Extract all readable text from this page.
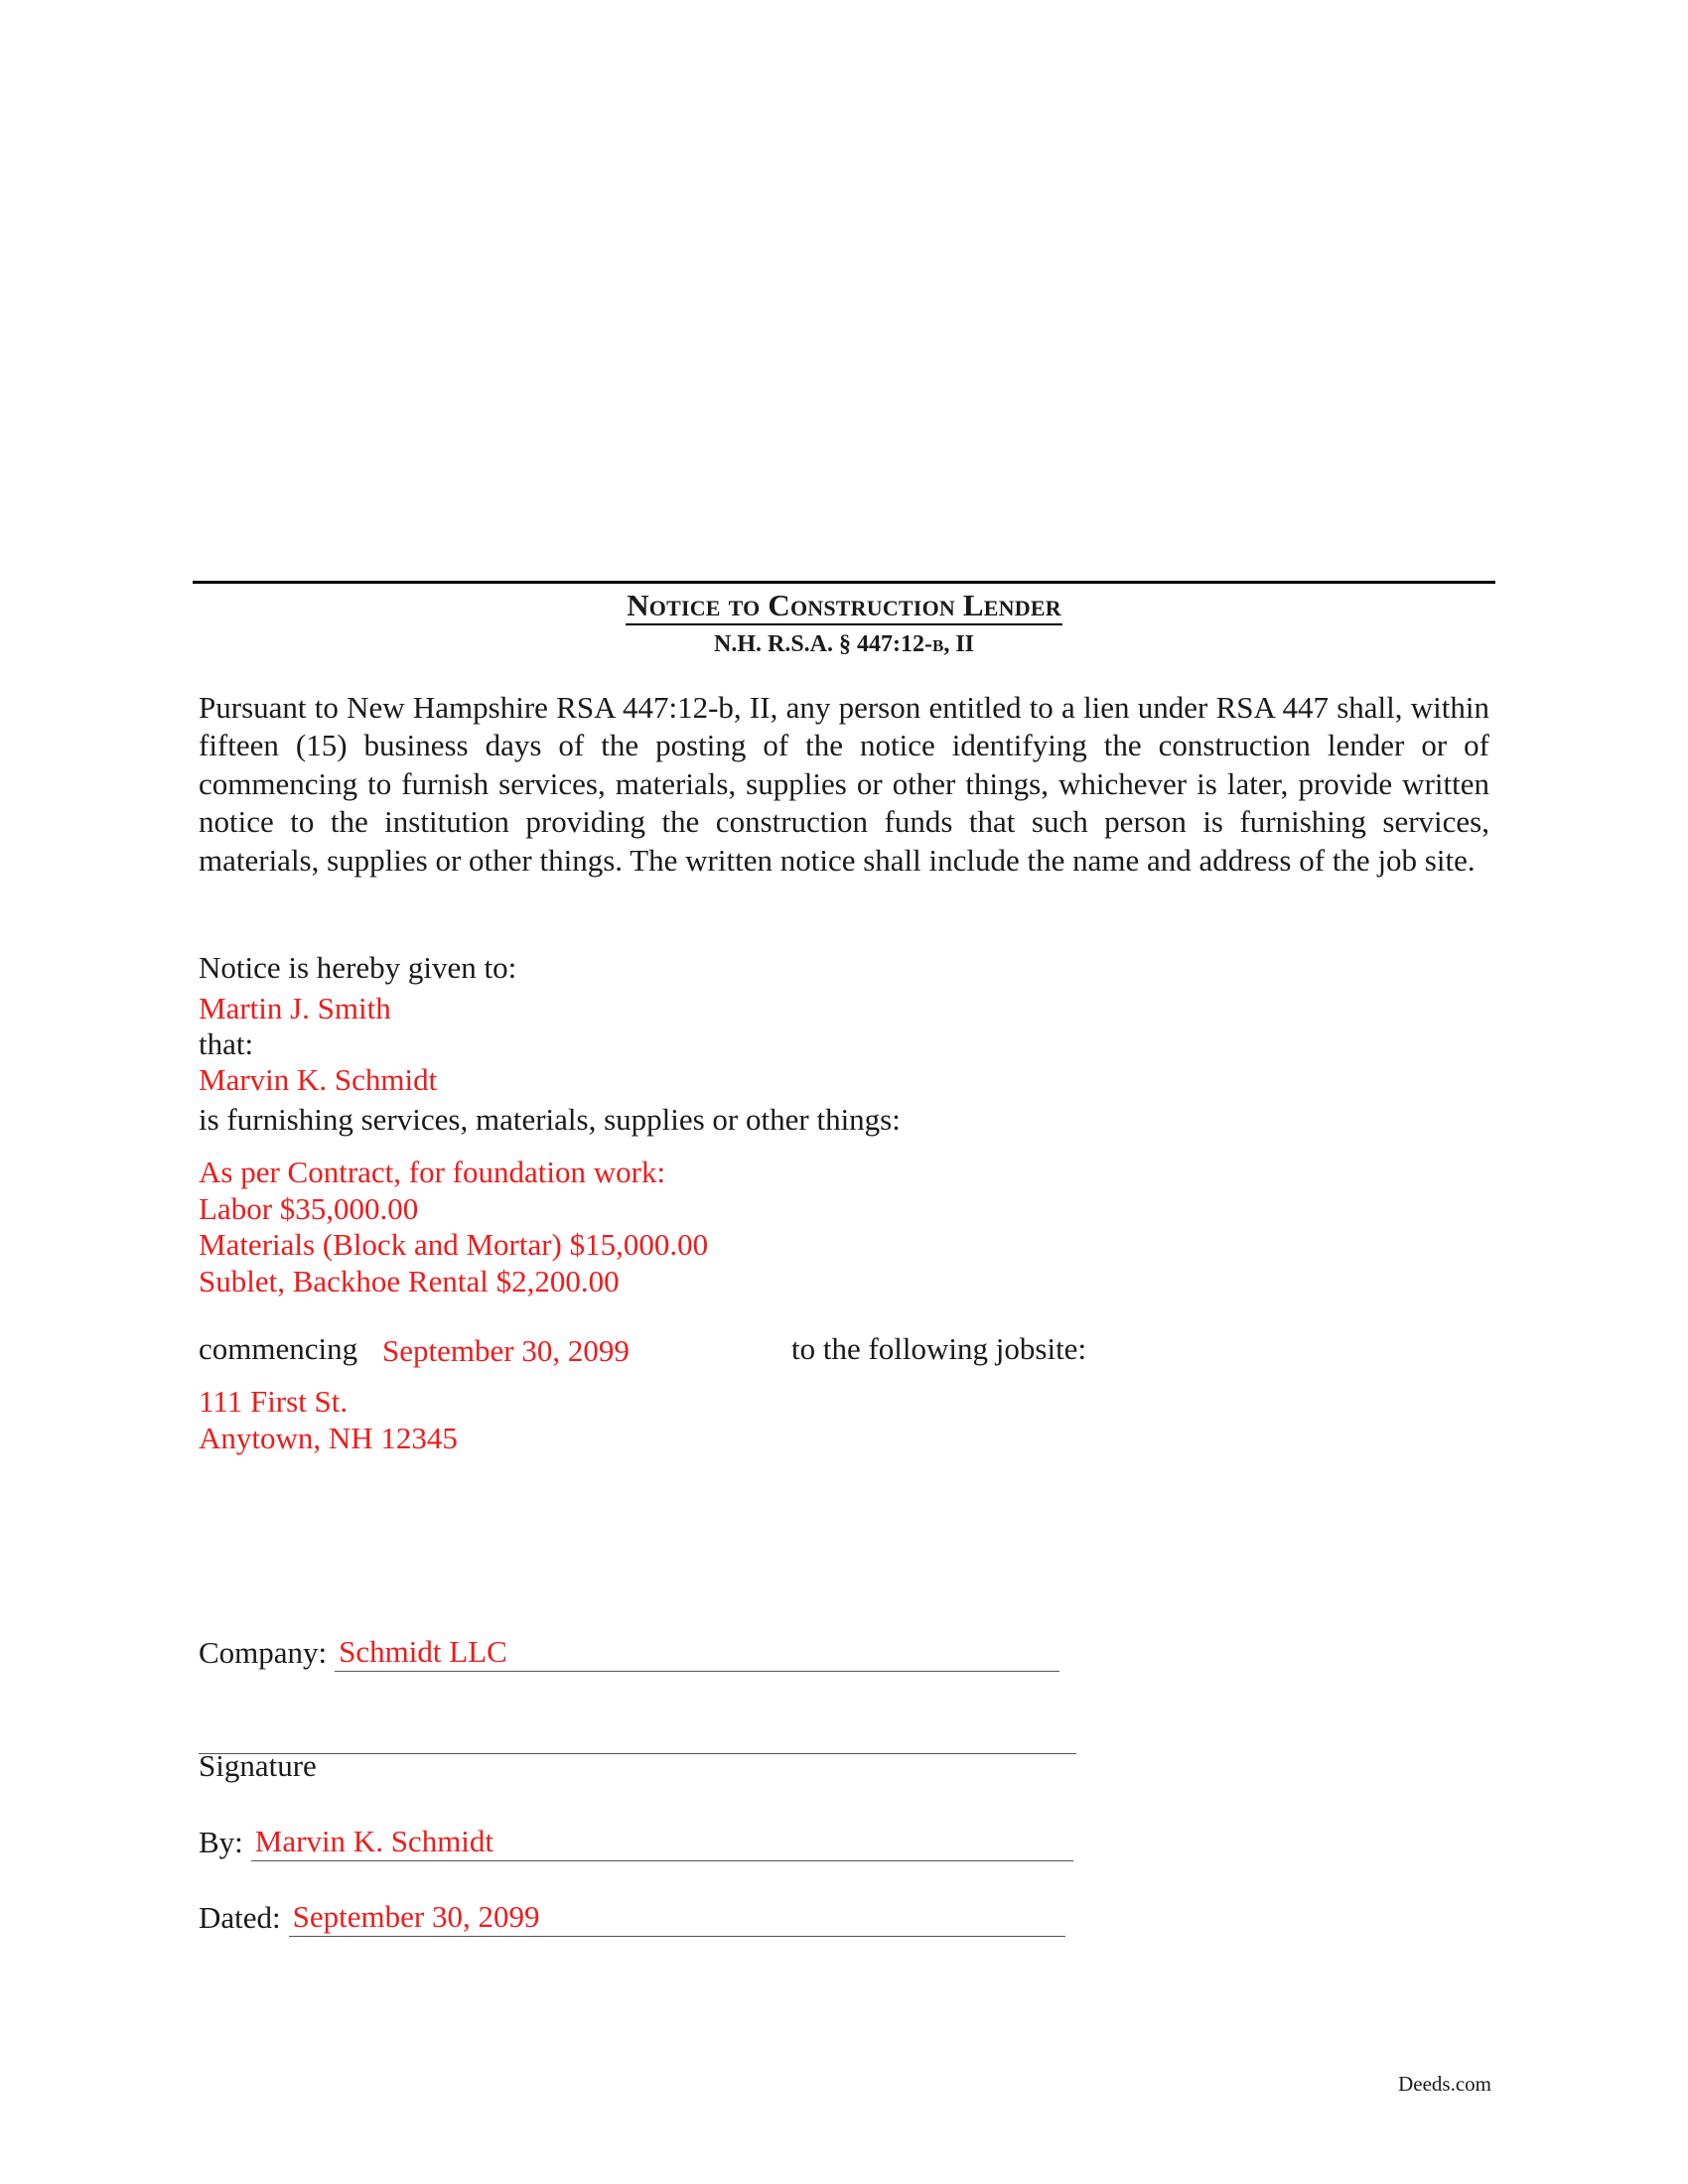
Notice to Construction Lender
N.H. R.S.A. § 447:12-b, II
Pursuant to New Hampshire RSA 447:12-b, II, any person entitled to a lien under RSA 447 shall, within fifteen (15) business days of the posting of the notice identifying the construction lender or of commencing to furnish services, materials, supplies or other things, whichever is later, provide written notice to the institution providing the construction funds that such person is furnishing services, materials, supplies or other things. The written notice shall include the name and address of the job site.
Notice is hereby given to:
Martin J. Smith
that:
Marvin K. Schmidt
is furnishing services, materials, supplies or other things:
As per Contract, for foundation work:
Labor $35,000.00
Materials (Block and Mortar) $15,000.00
Sublet, Backhoe Rental $2,200.00
commencing September 30, 2099	to the following jobsite:
111 First St.
Anytown, NH 12345
Company: Schmidt LLC
Signature
By: Marvin K. Schmidt
Dated: September 30, 2099
Deeds.com
